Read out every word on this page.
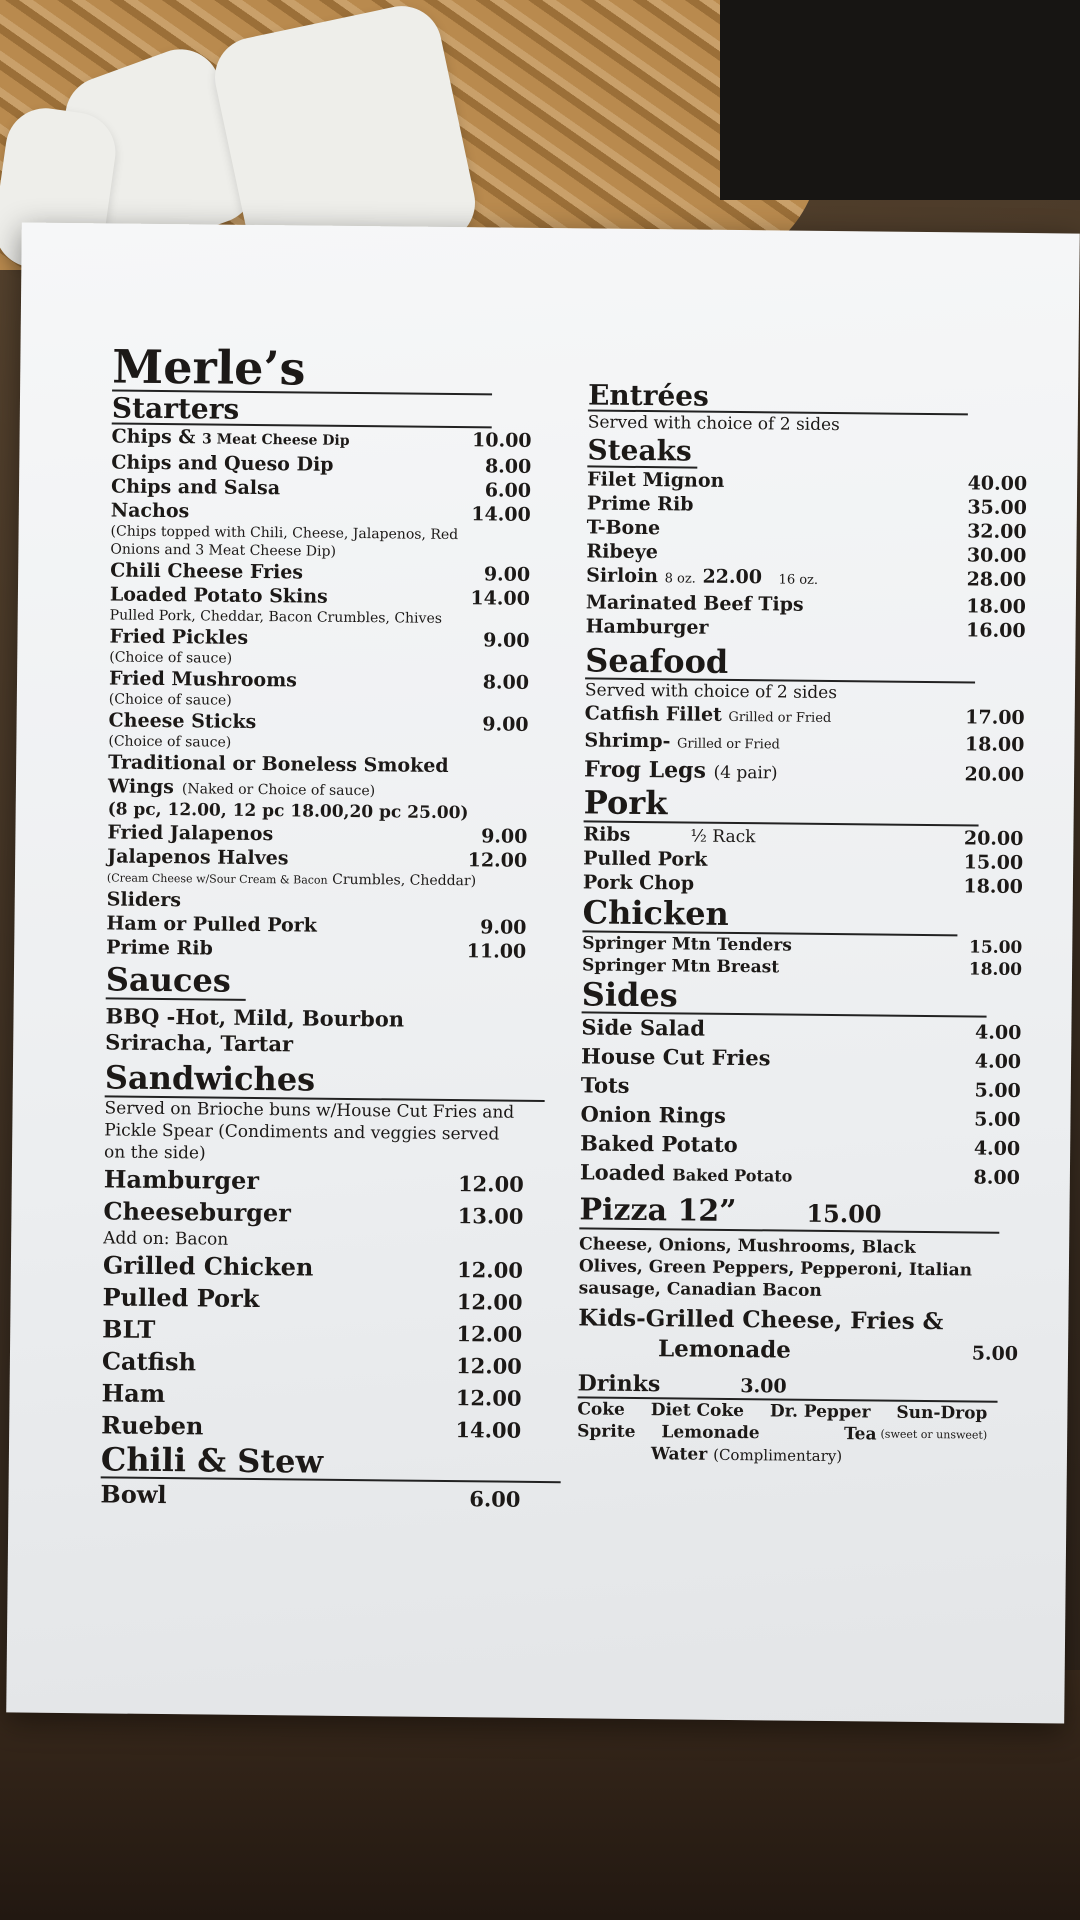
Merle’s
Starters
Chips & 3 Meat Cheese Dip	10.00
Chips and Queso Dip	8.00
Chips and Salsa	6.00
Nachos	14.00
(Chips topped with Chili, Cheese, Jalapenos, Red Onions and 3 Meat Cheese Dip)
Chili Cheese Fries	9.00
Loaded Potato Skins	14.00
Pulled Pork, Cheddar, Bacon Crumbles, Chives
Fried Pickles	9.00
(Choice of sauce)
Fried Mushrooms	8.00
(Choice of sauce)
Cheese Sticks	9.00
(Choice of sauce)
Traditional or Boneless Smoked
Wings (Naked or Choice of sauce)
(8 pc, 12.00, 12 pc 18.00,20 pc 25.00)
Fried Jalapenos	9.00
Jalapenos Halves	12.00
(Cream Cheese w/Sour Cream & Bacon Crumbles, Cheddar)
Sliders
Ham or Pulled Pork	9.00
Prime Rib	11.00
Sauces
BBQ -Hot, Mild, Bourbon Sriracha, Tartar
Sandwiches
Served on Brioche buns w/House Cut Fries and Pickle Spear (Condiments and veggies served on the side)
Hamburger	12.00
Cheeseburger	13.00
Add on: Bacon
Grilled Chicken	12.00
Pulled Pork	12.00
BLT	12.00
Catfish	12.00
Ham	12.00
Rueben	14.00
Chili & Stew
Bowl	6.00
Entrées
Served with choice of 2 sides
Steaks
Filet Mignon	40.00
Prime Rib	35.00
T-Bone	32.00
Ribeye	30.00
Sirloin 8 oz. 22.00 16 oz.	28.00
Marinated Beef Tips	18.00
Hamburger	16.00
Seafood
Served with choice of 2 sides
Catfish Fillet Grilled or Fried	17.00
Shrimp- Grilled or Fried	18.00
Frog Legs (4 pair)	20.00
Pork
Ribs	½ Rack	20.00
Pulled Pork	15.00
Pork Chop	18.00
Chicken
Springer Mtn Tenders	15.00
Springer Mtn Breast	18.00
Sides
Side Salad	4.00
House Cut Fries	4.00
Tots	5.00
Onion Rings	5.00
Baked Potato	4.00
Loaded Baked Potato	8.00
Pizza 12”	15.00
Cheese, Onions, Mushrooms, Black Olives, Green Peppers, Pepperoni, Italian sausage, Canadian Bacon
Kids-Grilled Cheese, Fries &
Lemonade	5.00
Drinks	3.00
Coke Diet Coke Dr. Pepper Sun-Drop
Sprite Lemonade	Tea (sweet or unsweet)
Water (Complimentary)
